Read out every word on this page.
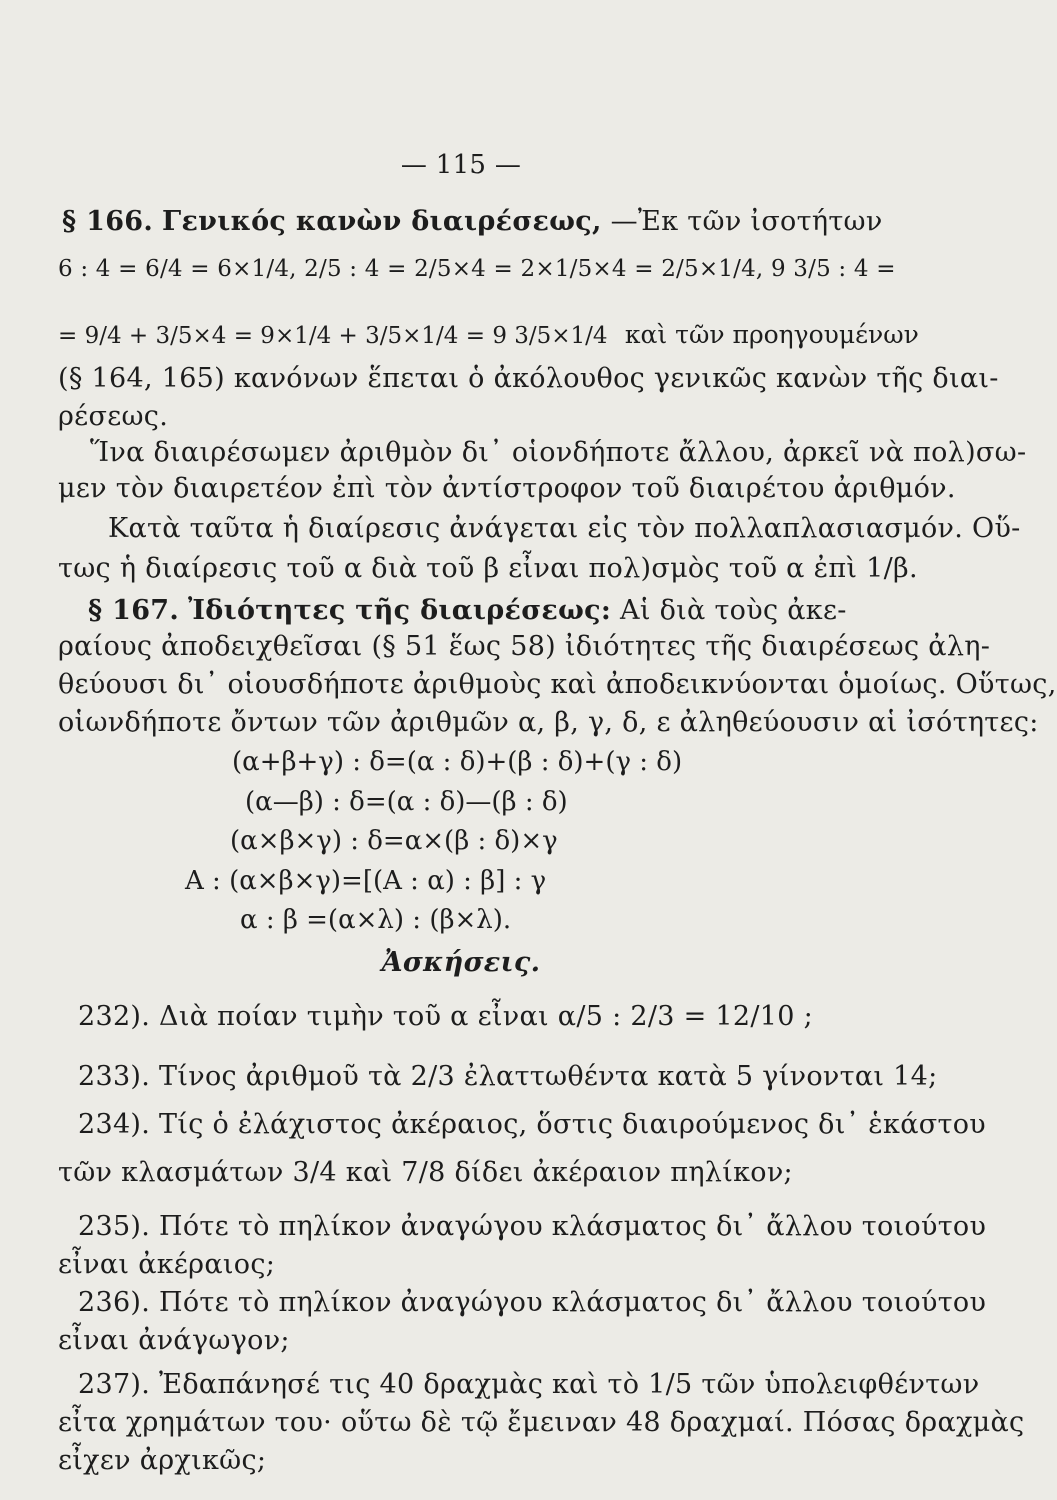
— 115 —
§ 166. Γενικός κανὼν διαιρέσεως, —Ἐκ τῶν ἰσοτήτων
6 : 4 = 6/4 = 6×1/4, 2/5 : 4 = 2/5×4 = 2×1/5×4 = 2/5×1/4, 9 3/5 : 4 =
= 9/4 + 3/5×4 = 9×1/4 + 3/5×1/4 = 9 3/5×1/4 καὶ τῶν προηγουμένων
(§ 164, 165) κανόνων ἕπεται ὁ ἀκόλουθος γενικῶς κανὼν τῆς διαι-
ρέσεως.
Ἵνα διαιρέσωμεν ἀριθμὸν δι᾽ οἱονδήποτε ἄλλου, ἀρκεῖ νὰ πολ)σω-
μεν τὸν διαιρετέον ἐπὶ τὸν ἀντίστροφον τοῦ διαιρέτου ἀριθμόν.
Κατὰ ταῦτα ἡ διαίρεσις ἀνάγεται εἰς τὸν πολλαπλασιασμόν. Οὕ-
τως ἡ διαίρεσις τοῦ α διὰ τοῦ β εἶναι πολ)σμὸς τοῦ α ἐπὶ 1/β.
§ 167. Ἰδιότητες τῆς διαιρέσεως: Αἱ διὰ τοὺς ἀκε-
ραίους ἀποδειχθεῖσαι (§ 51 ἕως 58) ἰδιότητες τῆς διαιρέσεως ἀλη-
θεύουσι δι᾽ οἱουσδήποτε ἀριθμοὺς καὶ ἀποδεικνύονται ὁμοίως. Οὕτως,
οἱωνδήποτε ὄντων τῶν ἀριθμῶν α, β, γ, δ, ε ἀληθεύουσιν αἱ ἰσότητες:
(α+β+γ) : δ=(α : δ)+(β : δ)+(γ : δ)
(α—β) : δ=(α : δ)—(β : δ)
(α×β×γ) : δ=α×(β : δ)×γ
Α : (α×β×γ)=[(Α : α) : β] : γ
α : β =(α×λ) : (β×λ).
Ἀσκήσεις.
232). Διὰ ποίαν τιμὴν τοῦ α εἶναι α/5 : 2/3 = 12/10 ;
233). Τίνος ἀριθμοῦ τὰ 2/3 ἐλαττωθέντα κατὰ 5 γίνονται 14;
234). Τίς ὁ ἐλάχιστος ἀκέραιος, ὅστις διαιρούμενος δι᾽ ἑκάστου
τῶν κλασμάτων 3/4 καὶ 7/8 δίδει ἀκέραιον πηλίκον;
235). Πότε τὸ πηλίκον ἀναγώγου κλάσματος δι᾽ ἄλλου τοιούτου
εἶναι ἀκέραιος;
236). Πότε τὸ πηλίκον ἀναγώγου κλάσματος δι᾽ ἄλλου τοιούτου
εἶναι ἀνάγωγον;
237). Ἐδαπάνησέ τις 40 δραχμὰς καὶ τὸ 1/5 τῶν ὑπολειφθέντων
εἶτα χρημάτων του· οὕτω δὲ τῷ ἔμειναν 48 δραχμαί. Πόσας δραχμὰς
εἶχεν ἀρχικῶς;
